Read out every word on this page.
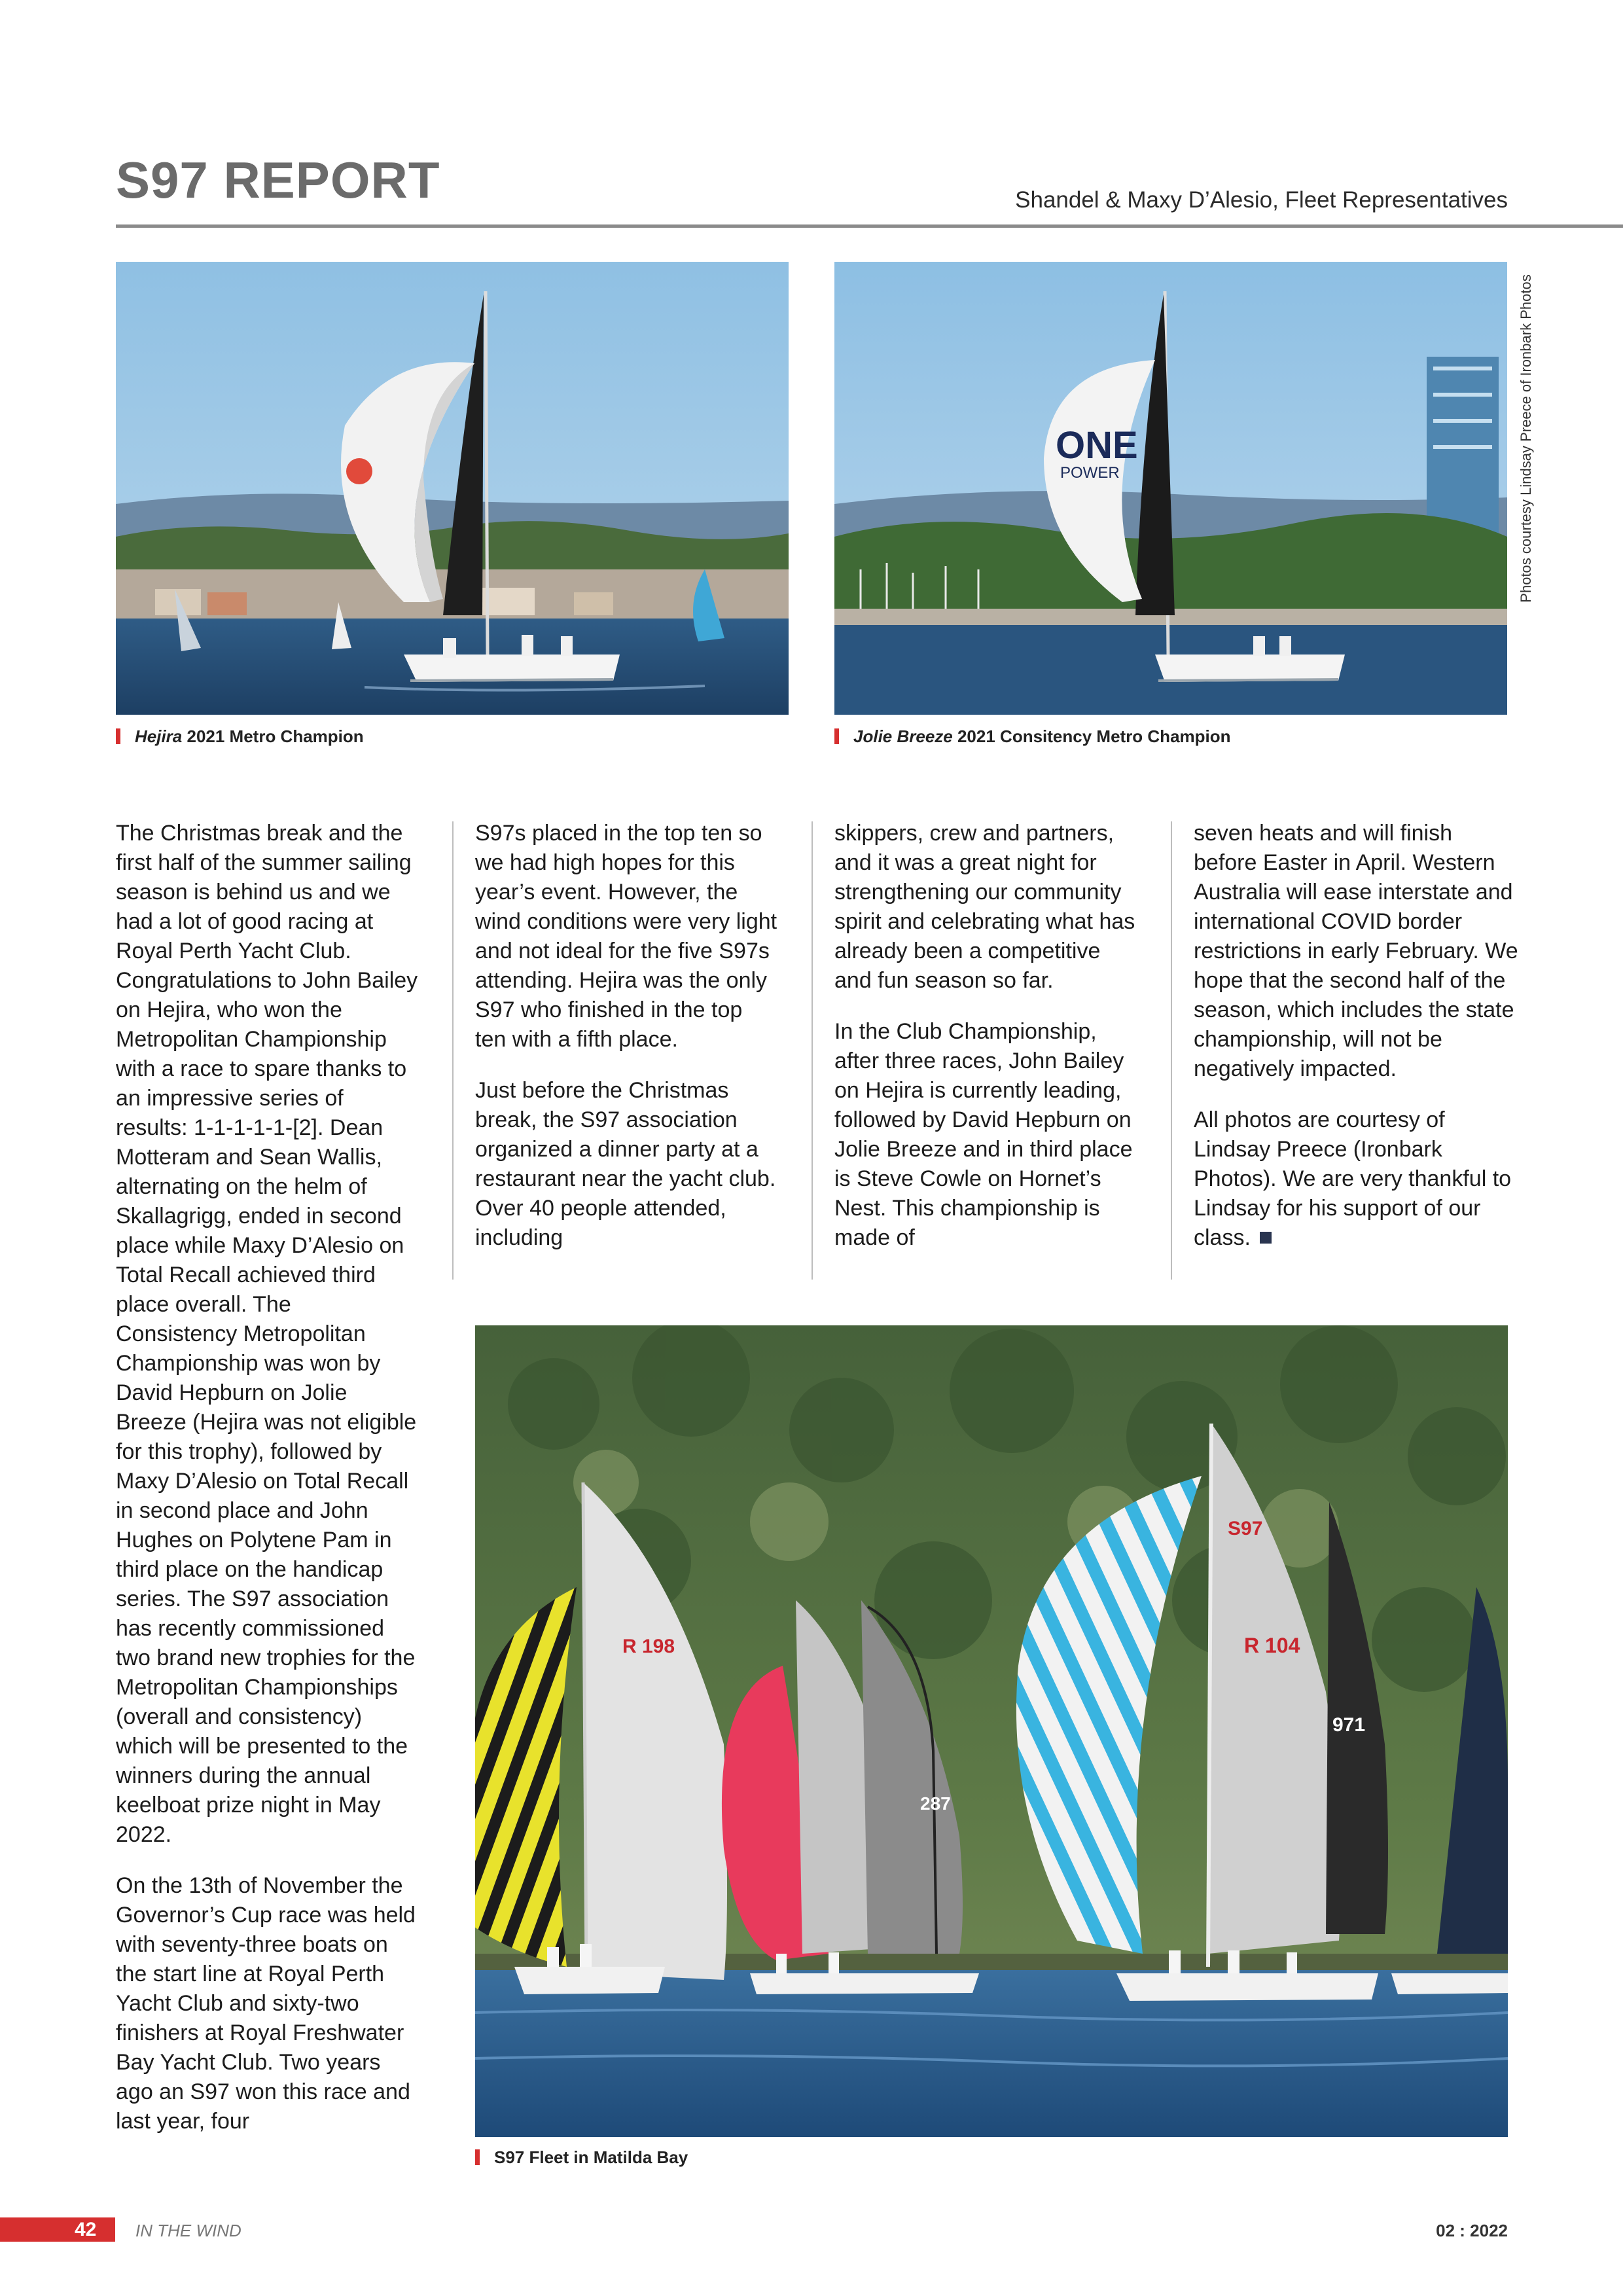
S97 REPORT	Shandel & Maxy D’Alesio, Fleet Representatives
ONE
POWER	Photos courtesy Lindsay Preece of Ironbark Photos
Hejira 2021 Metro Champion	Jolie Breeze 2021 Consitency Metro Champion

The Christmas break and the first half of the summer sailing season is behind us and we had a lot of good racing at Royal Perth Yacht Club. Congratulations to John Bailey on Hejira, who won the Metropolitan Championship with a race to spare thanks to an impressive series of results: 1-1-1-1-1-[2]. Dean Motteram and Sean Wallis, alternating on the helm of Skallagrigg, ended in second place while Maxy D’Alesio on Total Recall achieved third place overall. The Consistency Metropolitan Championship was won by David Hepburn on Jolie Breeze (Hejira was not eligible for this trophy), followed by Maxy D’Alesio on Total Recall in second place and John Hughes on Polytene Pam in third place on the handicap series. The S97 association has recently commissioned two brand new trophies for the Metropolitan Championships (overall and consistency) which will be presented to the winners during the annual keelboat prize night in May 2022.

On the 13th of November the Governor’s Cup race was held with seventy-three boats on the start line at Royal Perth Yacht Club and sixty-two finishers at Royal Freshwater Bay Yacht Club. Two years ago an S97 won this race and last year, four

S97s placed in the top ten so we had high hopes for this year’s event. However, the wind conditions were very light and not ideal for the five S97s attending. Hejira was the only S97 who finished in the top ten with a fifth place.

Just before the Christmas break, the S97 association organized a dinner party at a restaurant near the yacht club. Over 40 people attended, including

skippers, crew and partners, and it was a great night for strengthening our community spirit and celebrating what has already been a competitive and fun season so far.

In the Club Championship, after three races, John Bailey on Hejira is currently leading, followed by David Hepburn on Jolie Breeze and in third place is Steve Cowle on Hornet’s Nest. This championship is made of

seven heats and will finish before Easter in April. Western Australia will ease interstate and international COVID border restrictions in early February. We hope that the second half of the season, which includes the state championship, will not be negatively impacted.

All photos are courtesy of Lindsay Preece (Ironbark Photos). We are very thankful to Lindsay for his support of our class.

R 198
287
R 104
S97
971
S97 Fleet in Matilda Bay
42 IN THE WIND	02 : 2022
